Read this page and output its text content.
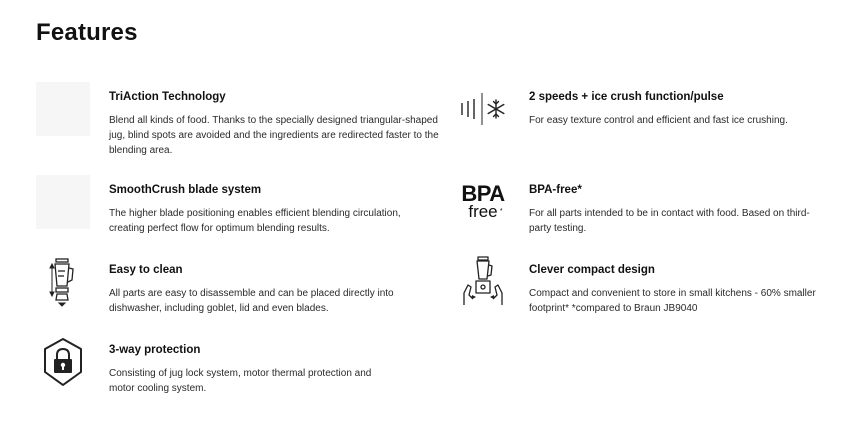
Features
TriAction Technology

Blend all kinds of food. Thanks to the specially designed triangular-shaped jug, blind spots are avoided and the ingredients are redirected faster to the blending area.

2 speeds + ice crush function/pulse

For easy texture control and efficient and fast ice crushing.

SmoothCrush blade system

The higher blade positioning enables efficient blending circulation, creating perfect flow for optimum blending results.

BPA
free *
BPA-free*

For all parts intended to be in contact with food. Based on third-party testing.

Easy to clean

All parts are easy to disassemble and can be placed directly into dishwasher, including goblet, lid and even blades.

Clever compact design

Compact and convenient to store in small kitchens - 60% smaller footprint* *compared to Braun JB9040

3-way protection

Consisting of jug lock system, motor thermal protection and motor cooling system.
